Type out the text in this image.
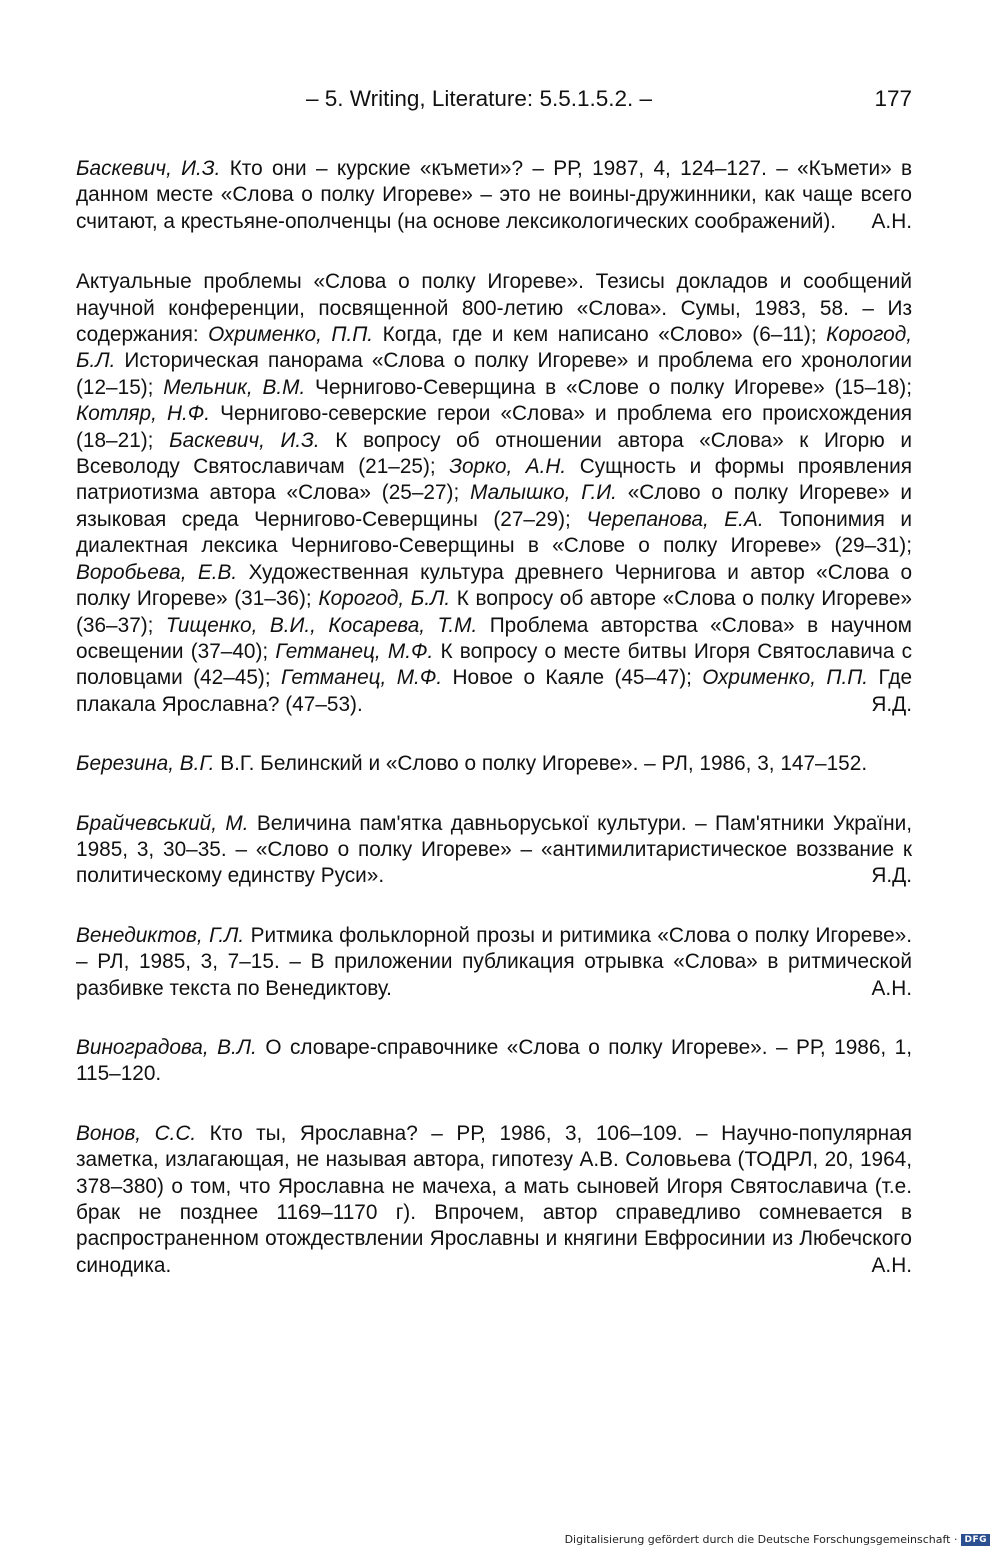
– 5. Writing, Literature: 5.5.1.5.2. –	177

Баскевич, И.З. Кто они – курские «къмети»? – РР, 1987, 4, 124–127. – «Къмети» в данном месте «Слова о полку Игореве» – это не воины-дружинники, как чаще всего считают, а крестьяне-ополченцы (на основе лексикологических соображений). А.Н.

Актуальные проблемы «Слова о полку Игореве». Тезисы докладов и сообщений научной конференции, посвященной 800-летию «Слова». Сумы, 1983, 58. – Из содержания: Охрименко, П.П. Когда, где и кем написано «Слово» (6–11); Корогод, Б.Л. Историческая панорама «Слова о полку Игореве» и проблема его хронологии (12–15); Мельник, В.М. Чернигово-Северщина в «Слове о полку Игореве» (15–18); Котляр, Н.Ф. Чернигово-северские герои «Слова» и проблема его происхождения (18–21); Баскевич, И.З. К вопросу об отношении автора «Слова» к Игорю и Всеволоду Святославичам (21–25); Зорко, А.Н. Сущность и формы проявления патриотизма автора «Слова» (25–27); Малышко, Г.И. «Слово о полку Игореве» и языковая среда Чернигово-Северщины (27–29); Черепанова, Е.А. Топонимия и диалектная лексика Чернигово-Северщины в «Слове о полку Игореве» (29–31); Воробьева, Е.В. Художественная культура древнего Чернигова и автор «Слова о полку Игореве» (31–36); Корогод, Б.Л. К вопросу об авторе «Слова о полку Игореве» (36–37); Тищенко, В.И., Косарева, Т.М. Проблема авторства «Слова» в научном освещении (37–40); Гетманец, М.Ф. К вопросу о месте битвы Игоря Святославича с половцами (42–45); Гетманец, М.Ф. Новое о Каяле (45–47); Охрименко, П.П. Где плакала Ярославна? (47–53).	Я.Д.

Березина, В.Г. В.Г. Белинский и «Слово о полку Игореве». – РЛ, 1986, 3, 147–152.

Брайчевський, М. Величина пам'ятка давньоруської культури. – Пам'ятники України, 1985, 3, 30–35. – «Слово о полку Игореве» – «антимилитаристическое воззвание к политическому единству Руси».	Я.Д.

Венедиктов, Г.Л. Ритмика фольклорной прозы и ритимика «Слова о полку Игореве». – РЛ, 1985, 3, 7–15. – В приложении публикация отрывка «Слова» в ритмической разбивке текста по Венедиктову.	А.Н.

Виноградова, В.Л. О словаре-справочнике «Слова о полку Игореве». – РР, 1986, 1, 115–120.

Вонов, С.С. Кто ты, Ярославна? – РР, 1986, 3, 106–109. – Научно-популярная заметка, излагающая, не называя автора, гипотезу А.В. Соловьева (ТОДРЛ, 20, 1964, 378–380) о том, что Ярославна не мачеха, а мать сыновей Игоря Святославича (т.е. брак не позднее 1169–1170 г). Впрочем, автор справедливо сомневается в распространенном отождествлении Ярославны и княгини Евфросинии из Любечского синодика.	А.Н.

Digitalisierung gefördert durch die Deutsche Forschungsgemeinschaft · DFG
